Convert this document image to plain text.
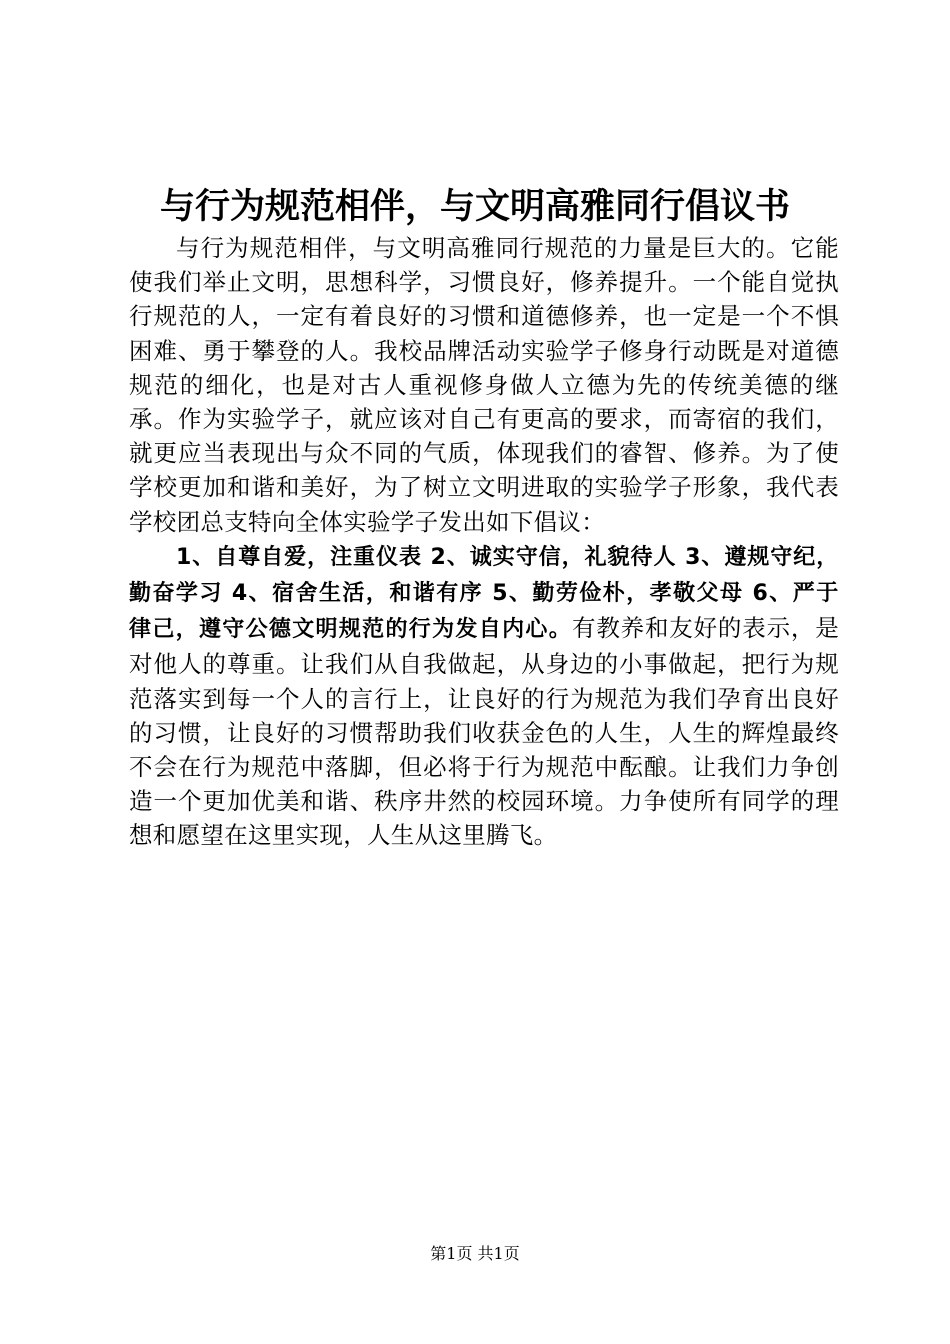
与行为规范相伴，与文明高雅同行倡议书

与行为规范相伴，与文明高雅同行规范的力量是巨大的。它能使我们举止文明，思想科学，习惯良好，修养提升。一个能自觉执行规范的人，一定有着良好的习惯和道德修养，也一定是一个不惧困难、勇于攀登的人。我校品牌活动实验学子修身行动既是对道德规范的细化，也是对古人重视修身做人立德为先的传统美德的继承。作为实验学子，就应该对自己有更高的要求，而寄宿的我们，就更应当表现出与众不同的气质，体现我们的睿智、修养。为了使学校更加和谐和美好，为了树立文明进取的实验学子形象，我代表学校团总支特向全体实验学子发出如下倡议：

1、自尊自爱，注重仪表 2、诚实守信，礼貌待人 3、遵规守纪，勤奋学习 4、宿舍生活，和谐有序 5、勤劳俭朴，孝敬父母 6、严于律己，遵守公德文明规范的行为发自内心。有教养和友好的表示，是对他人的尊重。让我们从自我做起，从身边的小事做起，把行为规范落实到每一个人的言行上，让良好的行为规范为我们孕育出良好的习惯，让良好的习惯帮助我们收获金色的人生，人生的辉煌最终不会在行为规范中落脚，但必将于行为规范中酝酿。让我们力争创造一个更加优美和谐、秩序井然的校园环境。力争使所有同学的理想和愿望在这里实现，人生从这里腾飞。

第1页 共1页
